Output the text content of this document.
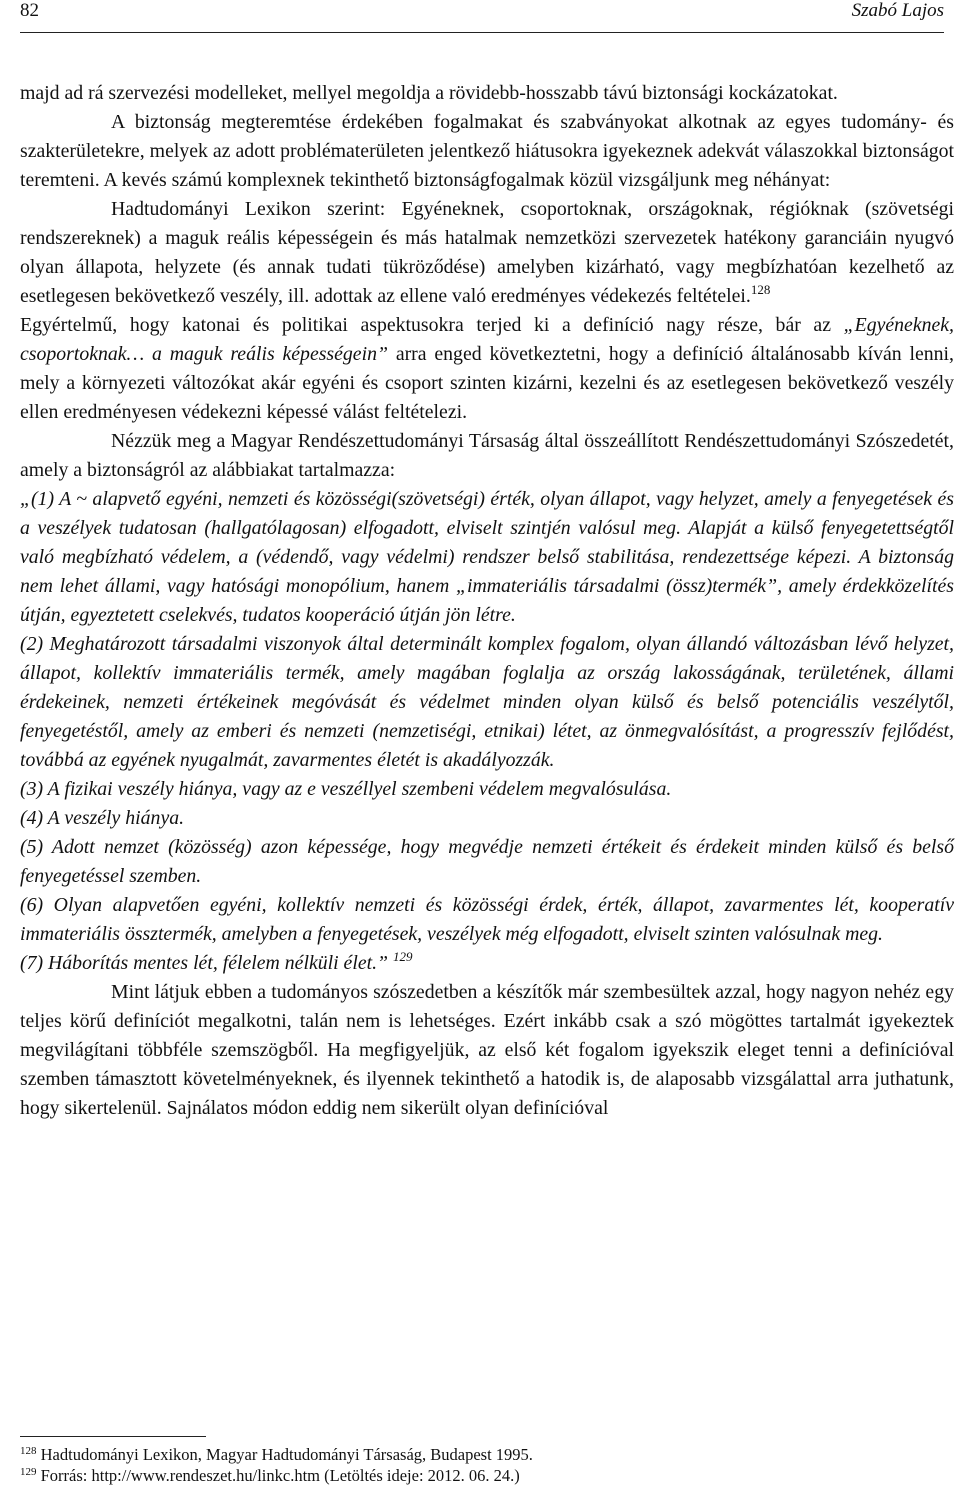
82	Szabó Lajos

majd ad rá szervezési modelleket, mellyel megoldja a rövidebb-hosszabb távú biztonsági kockázatokat.

A biztonság megteremtése érdekében fogalmakat és szabványokat alkotnak az egyes tudomány- és szakterületekre, melyek az adott problématerületen jelentkező hiátusokra igyekeznek adekvát válaszokkal biztonságot teremteni. A kevés számú komplexnek tekinthető biztonságfogalmak közül vizsgáljunk meg néhányat:

Hadtudományi Lexikon szerint: Egyéneknek, csoportoknak, országoknak, régióknak (szövetségi rendszereknek) a maguk reális képességein és más hatalmak nemzetközi szervezetek hatékony garanciáin nyugvó olyan állapota, helyzete (és annak tudati tükröződése) amelyben kizárható, vagy megbízhatóan kezelhető az esetlegesen bekövetkező veszély, ill. adottak az ellene való eredményes védekezés feltételei.$^{128}$

Egyértelmű, hogy katonai és politikai aspektusokra terjed ki a definíció nagy része, bár az „Egyéneknek, csoportoknak… a maguk reális képességein” arra enged következtetni, hogy a definíció általánosabb kíván lenni, mely a környezeti változókat akár egyéni és csoport szinten kizárni, kezelni és az esetlegesen bekövetkező veszély ellen eredményesen védekezni képessé válást feltételezi.

Nézzük meg a Magyar Rendészettudományi Társaság által összeállított Rendészettudományi Szószedetét, amely a biztonságról az alábbiakat tartalmazza:

„(1) A ~ alapvető egyéni, nemzeti és közösségi(szövetségi) érték, olyan állapot, vagy helyzet, amely a fenyegetések és a veszélyek tudatosan (hallgatólagosan) elfogadott, elviselt szintjén valósul meg. Alapját a külső fenyegetettségtől való megbízható védelem, a (védendő, vagy védelmi) rendszer belső stabilitása, rendezettsége képezi. A biztonság nem lehet állami, vagy hatósági monopólium, hanem „immateriális társadalmi (össz)termék”, amely érdekközelítés útján, egyeztetett cselekvés, tudatos kooperáció útján jön létre.

(2) Meghatározott társadalmi viszonyok által determinált komplex fogalom, olyan állandó változásban lévő helyzet, állapot, kollektív immateriális termék, amely magában foglalja az ország lakosságának, területének, állami érdekeinek, nemzeti értékeinek megóvását és védelmet minden olyan külső és belső potenciális veszélytől, fenyegetéstől, amely az emberi és nemzeti (nemzetiségi, etnikai) létet, az önmegvalósítást, a progresszív fejlődést, továbbá az egyének nyugalmát, zavarmentes életét is akadályozzák.

(3) A fizikai veszély hiánya, vagy az e veszéllyel szembeni védelem megvalósulása.

(4) A veszély hiánya.

(5) Adott nemzet (közösség) azon képessége, hogy megvédje nemzeti értékeit és érdekeit minden külső és belső fenyegetéssel szemben.

(6) Olyan alapvetően egyéni, kollektív nemzeti és közösségi érdek, érték, állapot, zavarmentes lét, kooperatív immateriális össztermék, amelyben a fenyegetések, veszélyek még elfogadott, elviselt szinten valósulnak meg.

(7) Háborítás mentes lét, félelem nélküli élet.” $^{129}$

Mint látjuk ebben a tudományos szószedetben a készítők már szembesültek azzal, hogy nagyon nehéz egy teljes körű definíciót megalkotni, talán nem is lehetséges. Ezért inkább csak a szó mögöttes tartalmát igyekeztek megvilágítani többféle szemszögből. Ha megfigyeljük, az első két fogalom igyekszik eleget tenni a definícióval szemben támasztott követelményeknek, és ilyennek tekinthető a hatodik is, de alaposabb vizsgálattal arra juthatunk, hogy sikertelenül. Sajnálatos módon eddig nem sikerült olyan definícióval

$^{128}$ Hadtudományi Lexikon, Magyar Hadtudományi Társaság, Budapest 1995.
$^{129}$ Forrás: http://www.rendeszet.hu/linkc.htm (Letöltés ideje: 2012. 06. 24.)
